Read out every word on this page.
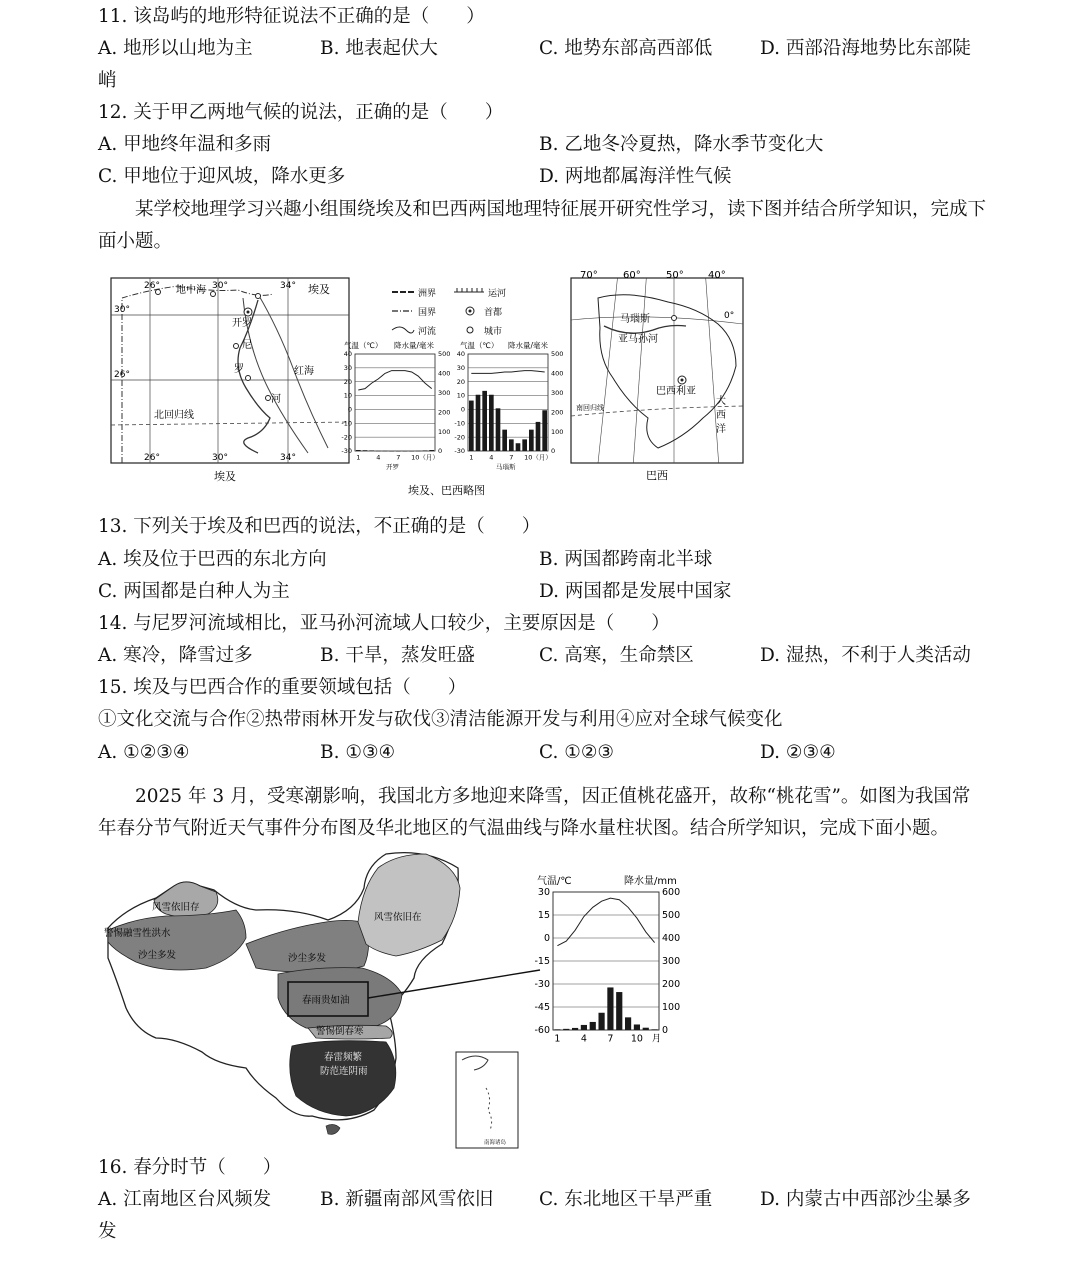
11. 该岛屿的地形特征说法不正确的是（　　）
A. 地形以山地为主	B. 地表起伏大	C. 地势东部高西部低	D. 西部沿海地势比东部陡
峭
12. 关于甲乙两地气候的说法，正确的是（　　）
A. 甲地终年温和多雨	B. 乙地冬冷夏热，降水季节变化大
C. 甲地位于迎风坡，降水更多	D. 两地都属海洋性气候
某学校地理学习兴趣小组围绕埃及和巴西两国地理特征展开研究性学习，读下图并结合所学知识，完成下面小题。
地中海	埃及
开罗
尼
罗
河
红海
北回归线
26°	30°	34°
26°	30°	34°
30°
26°
埃及
洲界
国界
河流
运河
首都
城市
气温（℃） 降水量/毫米
40
30
20
10
0
-10
-20
-30
500
400
300
200
100
0
1 4 7 10（月）
开罗
气温（℃） 降水量/毫米
40
30
20
10
0
-10
-20
-30
500
400
300
200
100
0
1 4 7 10（月）
马瑙斯
70°	60°	50° 40°
0°
马瑙斯
亚马孙河
巴西利亚
大
西
洋
南回归线
巴西
埃及、巴西略图
13. 下列关于埃及和巴西的说法，不正确的是（　　）
A. 埃及位于巴西的东北方向	B. 两国都跨南北半球
C. 两国都是白种人为主	D. 两国都是发展中国家
14. 与尼罗河流域相比，亚马孙河流域人口较少，主要原因是（　　）
A. 寒冷，降雪过多	B. 干旱，蒸发旺盛	C. 高寒，生命禁区	D. 湿热，不利于人类活动
15. 埃及与巴西合作的重要领域包括（　　）
①文化交流与合作②热带雨林开发与砍伐③清洁能源开发与利用④应对全球气候变化
A. ①②③④	B. ①③④	C. ①②③	D. ②③④
2025 年 3 月，受寒潮影响，我国北方多地迎来降雪，因正值桃花盛开，故称“桃花雪”。如图为我国常年春分节气附近天气事件分布图及华北地区的气温曲线与降水量柱状图。结合所学知识，完成下面小题。
风雪依旧存
警惕融雪性洪水
沙尘多发	沙尘多发
风雪依旧在
春雨贵如油
警惕倒春寒
春雷频繁
防范连阴雨
南海诸岛
气温/℃	降水量/mm
30
15
0
-15
-30
-45
-60
600
500
400
300
200
100
0
1 4 7 10 月
16. 春分时节（　　）
A. 江南地区台风频发	B. 新疆南部风雪依旧 C. 东北地区干旱严重	D. 内蒙古中西部沙尘暴多
发
